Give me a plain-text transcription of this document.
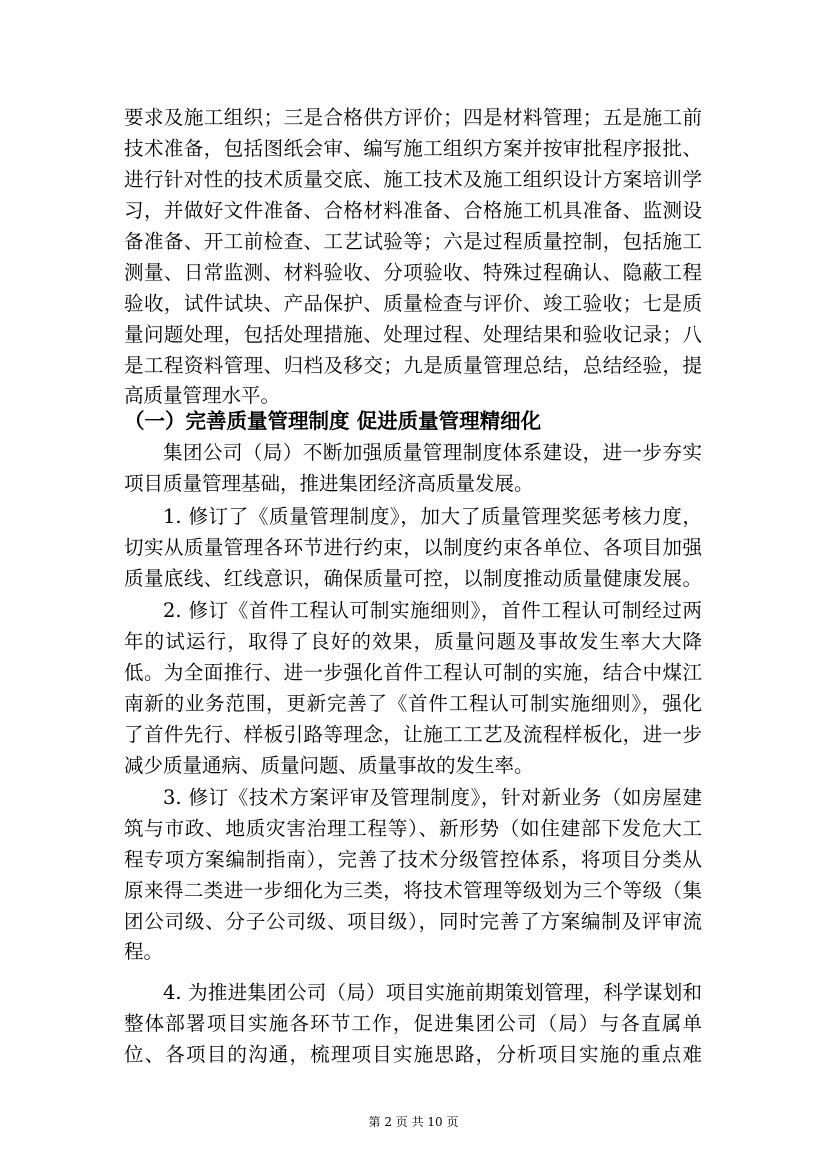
要求及施工组织；三是合格供方评价；四是材料管理；五是施工前

技术准备，包括图纸会审、编写施工组织方案并按审批程序报批、

进行针对性的技术质量交底、施工技术及施工组织设计方案培训学

习，并做好文件准备、合格材料准备、合格施工机具准备、监测设

备准备、开工前检查、工艺试验等；六是过程质量控制，包括施工

测量、日常监测、材料验收、分项验收、特殊过程确认、隐蔽工程

验收，试件试块、产品保护、质量检查与评价、竣工验收；七是质

量问题处理，包括处理措施、处理过程、处理结果和验收记录；八

是工程资料管理、归档及移交；九是质量管理总结，总结经验，提

高质量管理水平。

（一）完善质量管理制度 促进质量管理精细化

集团公司（局）不断加强质量管理制度体系建设，进一步夯实

项目质量管理基础，推进集团经济高质量发展。

1. 修订了《质量管理制度》，加大了质量管理奖惩考核力度，

切实从质量管理各环节进行约束，以制度约束各单位、各项目加强

质量底线、红线意识，确保质量可控，以制度推动质量健康发展。

2. 修订《首件工程认可制实施细则》，首件工程认可制经过两

年的试运行，取得了良好的效果，质量问题及事故发生率大大降

低。为全面推行、进一步强化首件工程认可制的实施，结合中煤江

南新的业务范围，更新完善了《首件工程认可制实施细则》，强化

了首件先行、样板引路等理念，让施工工艺及流程样板化，进一步

减少质量通病、质量问题、质量事故的发生率。

3. 修订《技术方案评审及管理制度》，针对新业务（如房屋建

筑与市政、地质灾害治理工程等）、新形势（如住建部下发危大工

程专项方案编制指南），完善了技术分级管控体系，将项目分类从

原来得二类进一步细化为三类，将技术管理等级划为三个等级（集

团公司级、分子公司级、项目级），同时完善了方案编制及评审流

程。

4. 为推进集团公司（局）项目实施前期策划管理，科学谋划和

整体部署项目实施各环节工作，促进集团公司（局）与各直属单

位、各项目的沟通，梳理项目实施思路，分析项目实施的重点难

第 2 页 共 10 页
